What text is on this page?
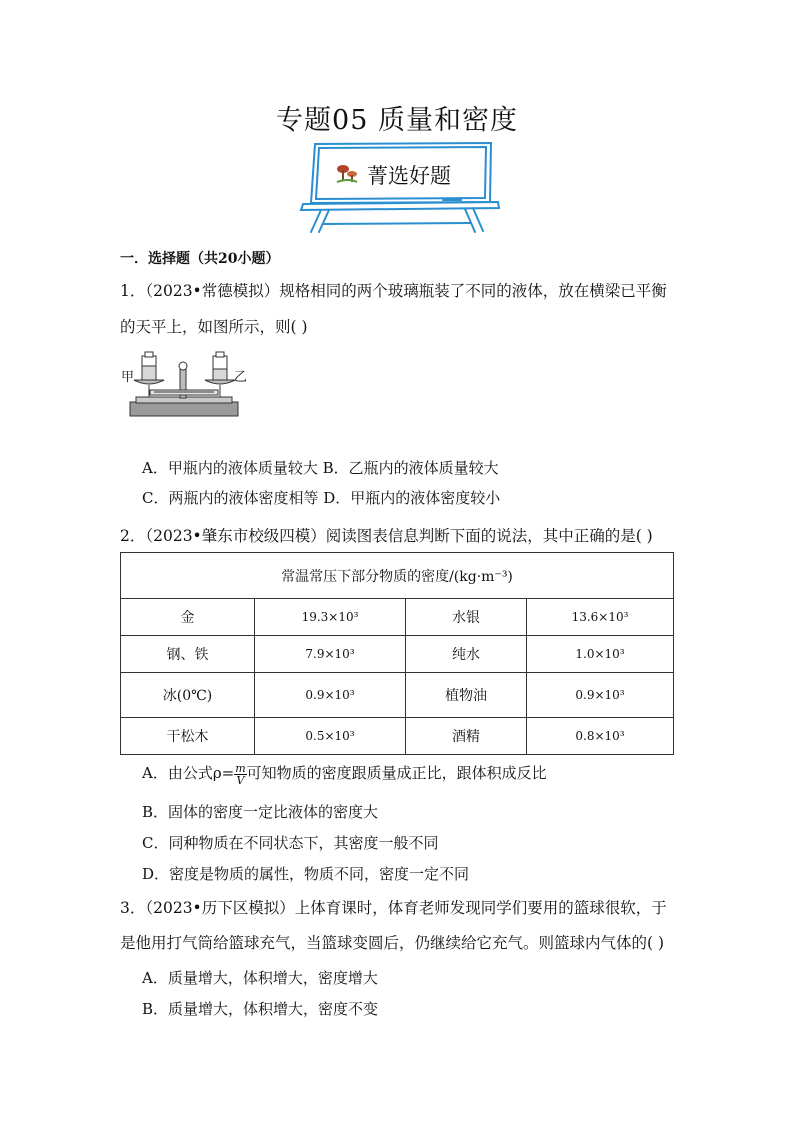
专题05 质量和密度
菁选好题
一．选择题（共20小题）
1．（2023•常德模拟）规格相同的两个玻璃瓶装了不同的液体，放在横梁已平衡
的天平上，如图所示，则( )
甲	乙
A．甲瓶内的液体质量较大 B．乙瓶内的液体质量较大
C．两瓶内的液体密度相等 D．甲瓶内的液体密度较小
2．（2023•肇东市校级四模）阅读图表信息判断下面的说法，其中正确的是( )
常温常压下部分物质的密度/(kg·m⁻³)			
金	19.3×10³	水银	13.6×10³
钢、铁	7.9×10³	纯水	1.0×10³
冰(0℃)	0.9×10³	植物油	0.9×10³
干松木	0.5×10³	酒精	0.8×10³
A．由公式$\rho= \frac{m}{V}$ 可知物质的密度跟质量成正比，跟体积成反比
B．固体的密度一定比液体的密度大
C．同种物质在不同状态下，其密度一般不同
D．密度是物质的属性，物质不同，密度一定不同
3．（2023•历下区模拟）上体育课时，体育老师发现同学们要用的篮球很软，于
是他用打气筒给篮球充气，当篮球变圆后，仍继续给它充气。则篮球内气体的( )
A．质量增大，体积增大，密度增大
B．质量增大，体积增大，密度不变
